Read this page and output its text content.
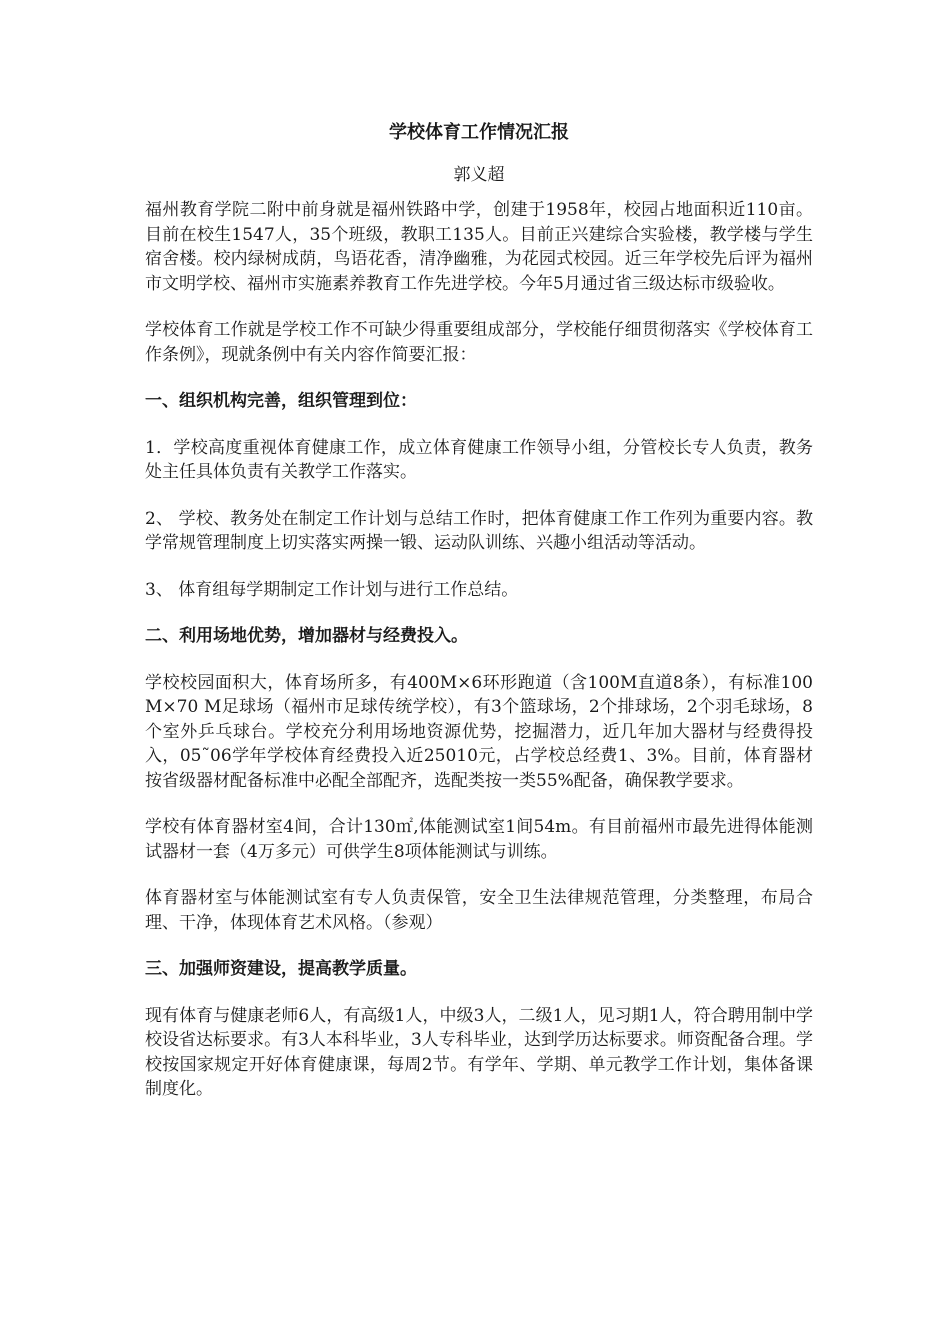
学校体育工作情况汇报
郭义超

福州教育学院二附中前身就是福州铁路中学，创建于1958年，校园占地面积近110亩。目前在校生1547人，35个班级，教职工135人。目前正兴建综合实验楼，教学楼与学生宿舍楼。校内绿树成荫，鸟语花香，清净幽雅，为花园式校园。近三年学校先后评为福州市文明学校、福州市实施素养教育工作先进学校。今年5月通过省三级达标市级验收。

学校体育工作就是学校工作不可缺少得重要组成部分，学校能仔细贯彻落实《学校体育工作条例》，现就条例中有关内容作简要汇报：

一、组织机构完善，组织管理到位：

1．学校高度重视体育健康工作，成立体育健康工作领导小组，分管校长专人负责，教务处主任具体负责有关教学工作落实。

2、 学校、教务处在制定工作计划与总结工作时，把体育健康工作工作列为重要内容。教学常规管理制度上切实落实两操一锻、运动队训练、兴趣小组活动等活动。

3、 体育组每学期制定工作计划与进行工作总结。

二、利用场地优势，增加器材与经费投入。

学校校园面积大，体育场所多，有400M×6环形跑道（含100M直道8条），有标准100 M×70 M足球场（福州市足球传统学校），有3个篮球场，2个排球场，2个羽毛球场，8个室外乒乓球台。学校充分利用场地资源优势，挖掘潜力，近几年加大器材与经费得投入，05˜06学年学校体育经费投入近25010元，占学校总经费1、3%。目前，体育器材按省级器材配备标准中必配全部配齐，选配类按一类55%配备，确保教学要求。

学校有体育器材室4间，合计130㎡,体能测试室1间54m。有目前福州市最先进得体能测试器材一套（4万多元）可供学生8项体能测试与训练。

体育器材室与体能测试室有专人负责保管，安全卫生法律规范管理，分类整理，布局合理、干净，体现体育艺术风格。（参观）

三、加强师资建设，提高教学质量。

现有体育与健康老师6人，有高级1人，中级3人，二级1人，见习期1人，符合聘用制中学校设省达标要求。有3人本科毕业，3人专科毕业，达到学历达标要求。师资配备合理。学校按国家规定开好体育健康课，每周2节。有学年、学期、单元教学工作计划，集体备课制度化。
